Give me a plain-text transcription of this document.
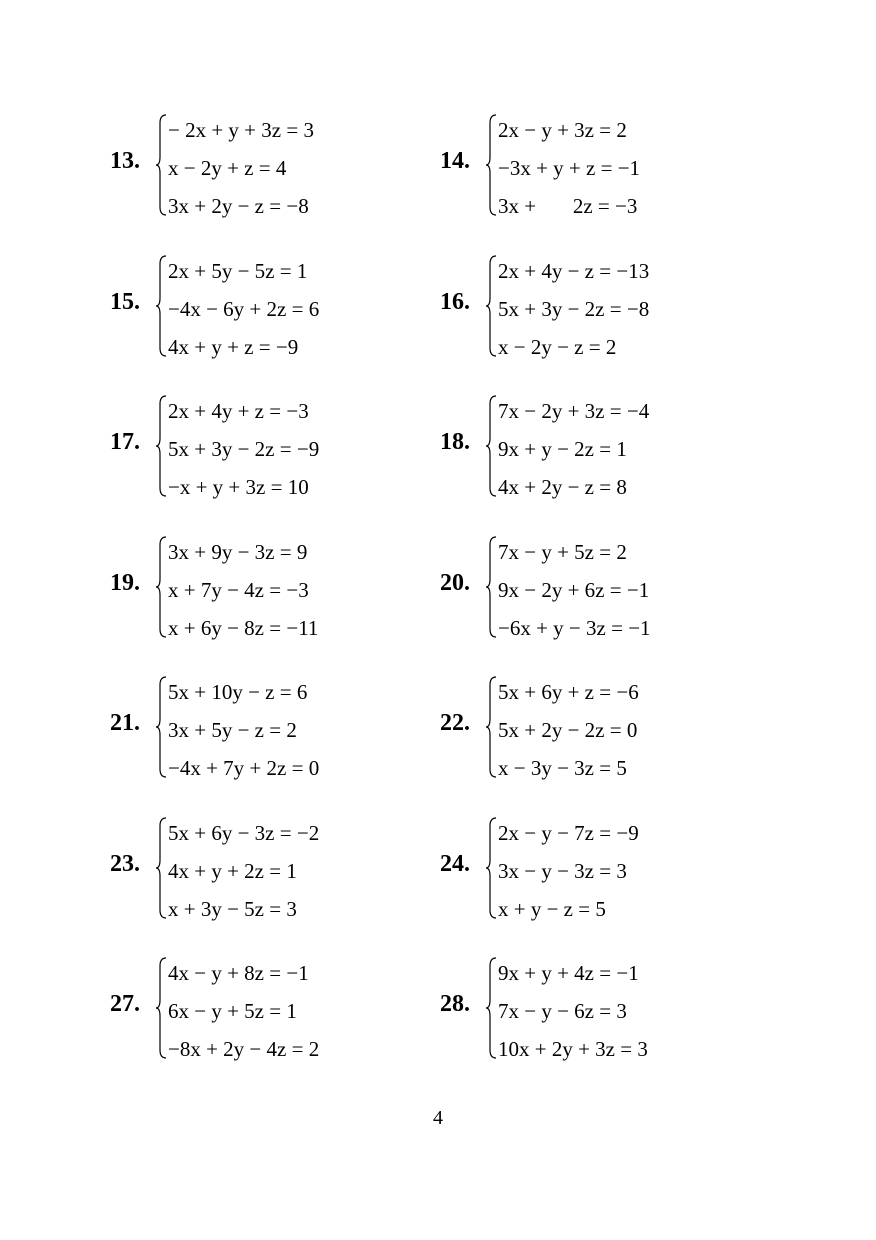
13.
− 2x + y + 3z = 3
x − 2y + z = 4
3x + 2y − z = −8
14.
2x − y + 3z = 2
−3x + y + z = −1
3x +       2z = −3
15.
2x + 5y − 5z = 1
−4x − 6y + 2z = 6
4x + y + z = −9
16.
2x + 4y − z = −13
5x + 3y − 2z = −8
x − 2y − z = 2
17.
2x + 4y + z = −3
5x + 3y − 2z = −9
−x + y + 3z = 10
18.
7x − 2y + 3z = −4
9x + y − 2z = 1
4x + 2y − z = 8
19.
3x + 9y − 3z = 9
x + 7y − 4z = −3
x + 6y − 8z = −11
20.
7x − y + 5z = 2
9x − 2y + 6z = −1
−6x + y − 3z = −1
21.
5x + 10y − z = 6
3x + 5y − z = 2
−4x + 7y + 2z = 0
22.
5x + 6y + z = −6
5x + 2y − 2z = 0
x − 3y − 3z = 5
23.
5x + 6y − 3z = −2
4x + y + 2z = 1
x + 3y − 5z = 3
24.
2x − y − 7z = −9
3x − y − 3z = 3
x + y − z = 5
27.
4x − y + 8z = −1
6x − y + 5z = 1
−8x + 2y − 4z = 2
28.
9x + y + 4z = −1
7x − y − 6z = 3
10x + 2y + 3z = 3
4
